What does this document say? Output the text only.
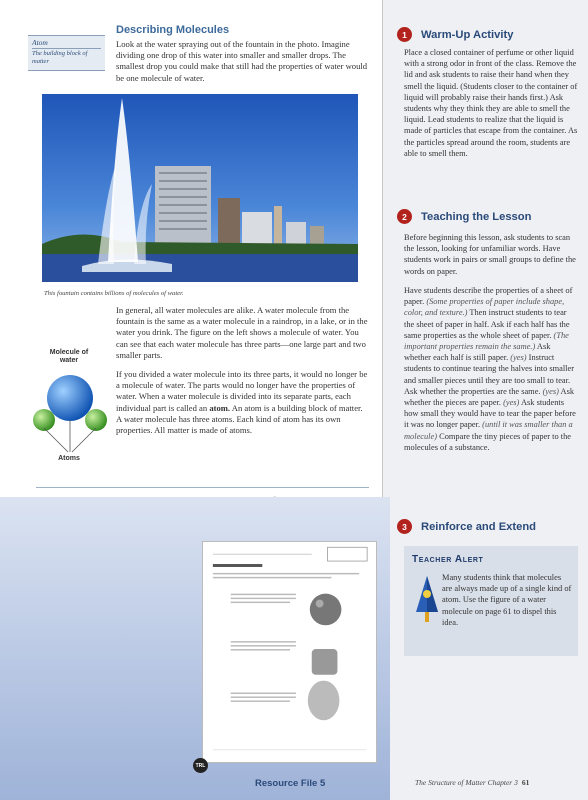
Atom
The building block of matter
Describing Molecules
Look at the water spraying out of the fountain in the photo. Imagine dividing one drop of this water into smaller and smaller drops. The smallest drop you could make that still had the properties of water would be one molecule of water.
This fountain contains billions of molecules of water.
Molecule of water
Atoms
In general, all water molecules are alike. A water molecule from the fountain is the same as a water molecule in a raindrop, in a lake, or in the water you drink. The figure on the left shows a molecule of water. You can see that each water molecule has three parts—one large part and two smaller parts.
If you divided a water molecule into its three parts, it would no longer be a molecule of water. The parts would no longer have the properties of water. When a water molecule is divided into its separate parts, each individual part is called an atom. An atom is a building block of matter. A water molecule has three atoms. Each kind of atom has its own properties. All matter is made of atoms.
TRL
Resource File 5
1	Warm-Up Activity
Place a closed container of perfume or other liquid with a strong odor in front of the class. Remove the lid and ask students to raise their hand when they smell the liquid. (Students closer to the container of liquid will probably raise their hands first.) Ask students why they think they are able to smell the liquid. Lead students to realize that the liquid is made of particles that escape from the container. As the particles spread around the room, students are able to smell them.
2	Teaching the Lesson
Before beginning this lesson, ask students to scan the lesson, looking for unfamiliar words. Have students work in pairs or small groups to define the words on paper.
Have students describe the properties of a sheet of paper. (Some properties of paper include shape, color, and texture.) Then instruct students to tear the sheet of paper in half. Ask if each half has the same properties as the whole sheet of paper. (The important properties remain the same.) Ask whether each half is still paper. (yes) Instruct students to continue tearing the halves into smaller and smaller pieces until they are too small to tear. Ask whether the properties are the same. (yes) Ask whether the pieces are paper. (yes) Ask students how small they would have to tear the paper before it was no longer paper. (until it was smaller than a molecule) Compare the tiny pieces of paper to the molecules of a substance.
3	Reinforce and Extend
Teacher Alert
Many students think that molecules are always made up of a single kind of atom. Use the figure of a water molecule on page 61 to dispel this idea.
The Structure of Matter Chapter 3 61
